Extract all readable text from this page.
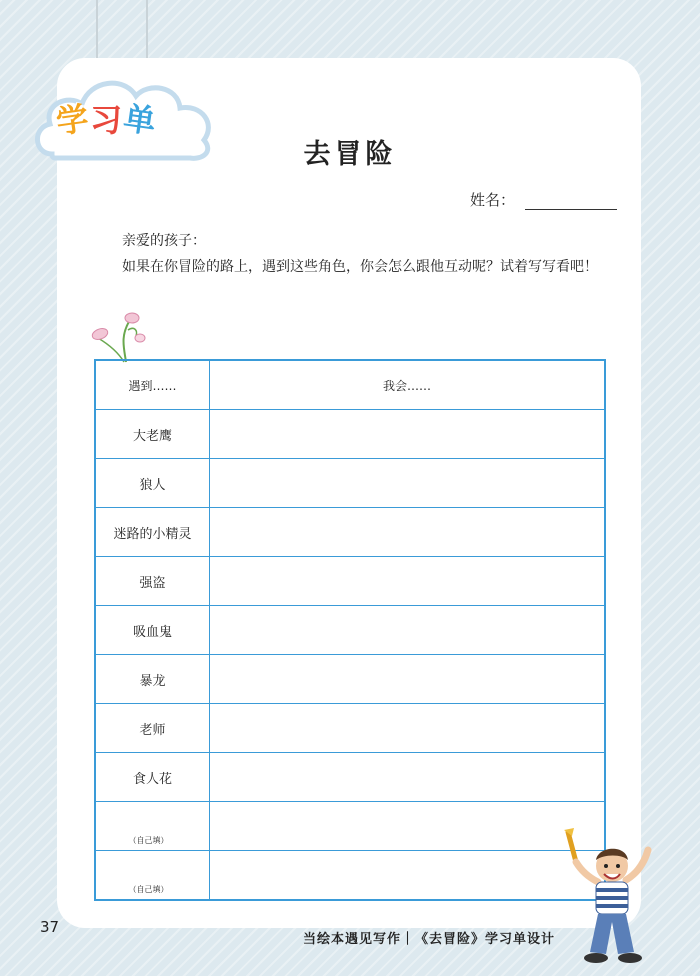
学
习
单
去冒险
姓名：
亲爱的孩子：
如果在你冒险的路上，遇到这些角色，你会怎么跟他互动呢？试着写写看吧！
遇到……	我会……
大老鹰	
狼人	
迷路的小精灵	
强盗	
吸血鬼	
暴龙	
老师	
食人花	
（自己填）	
（自己填）	
37
当绘本遇见写作｜《去冒险》学习单设计
